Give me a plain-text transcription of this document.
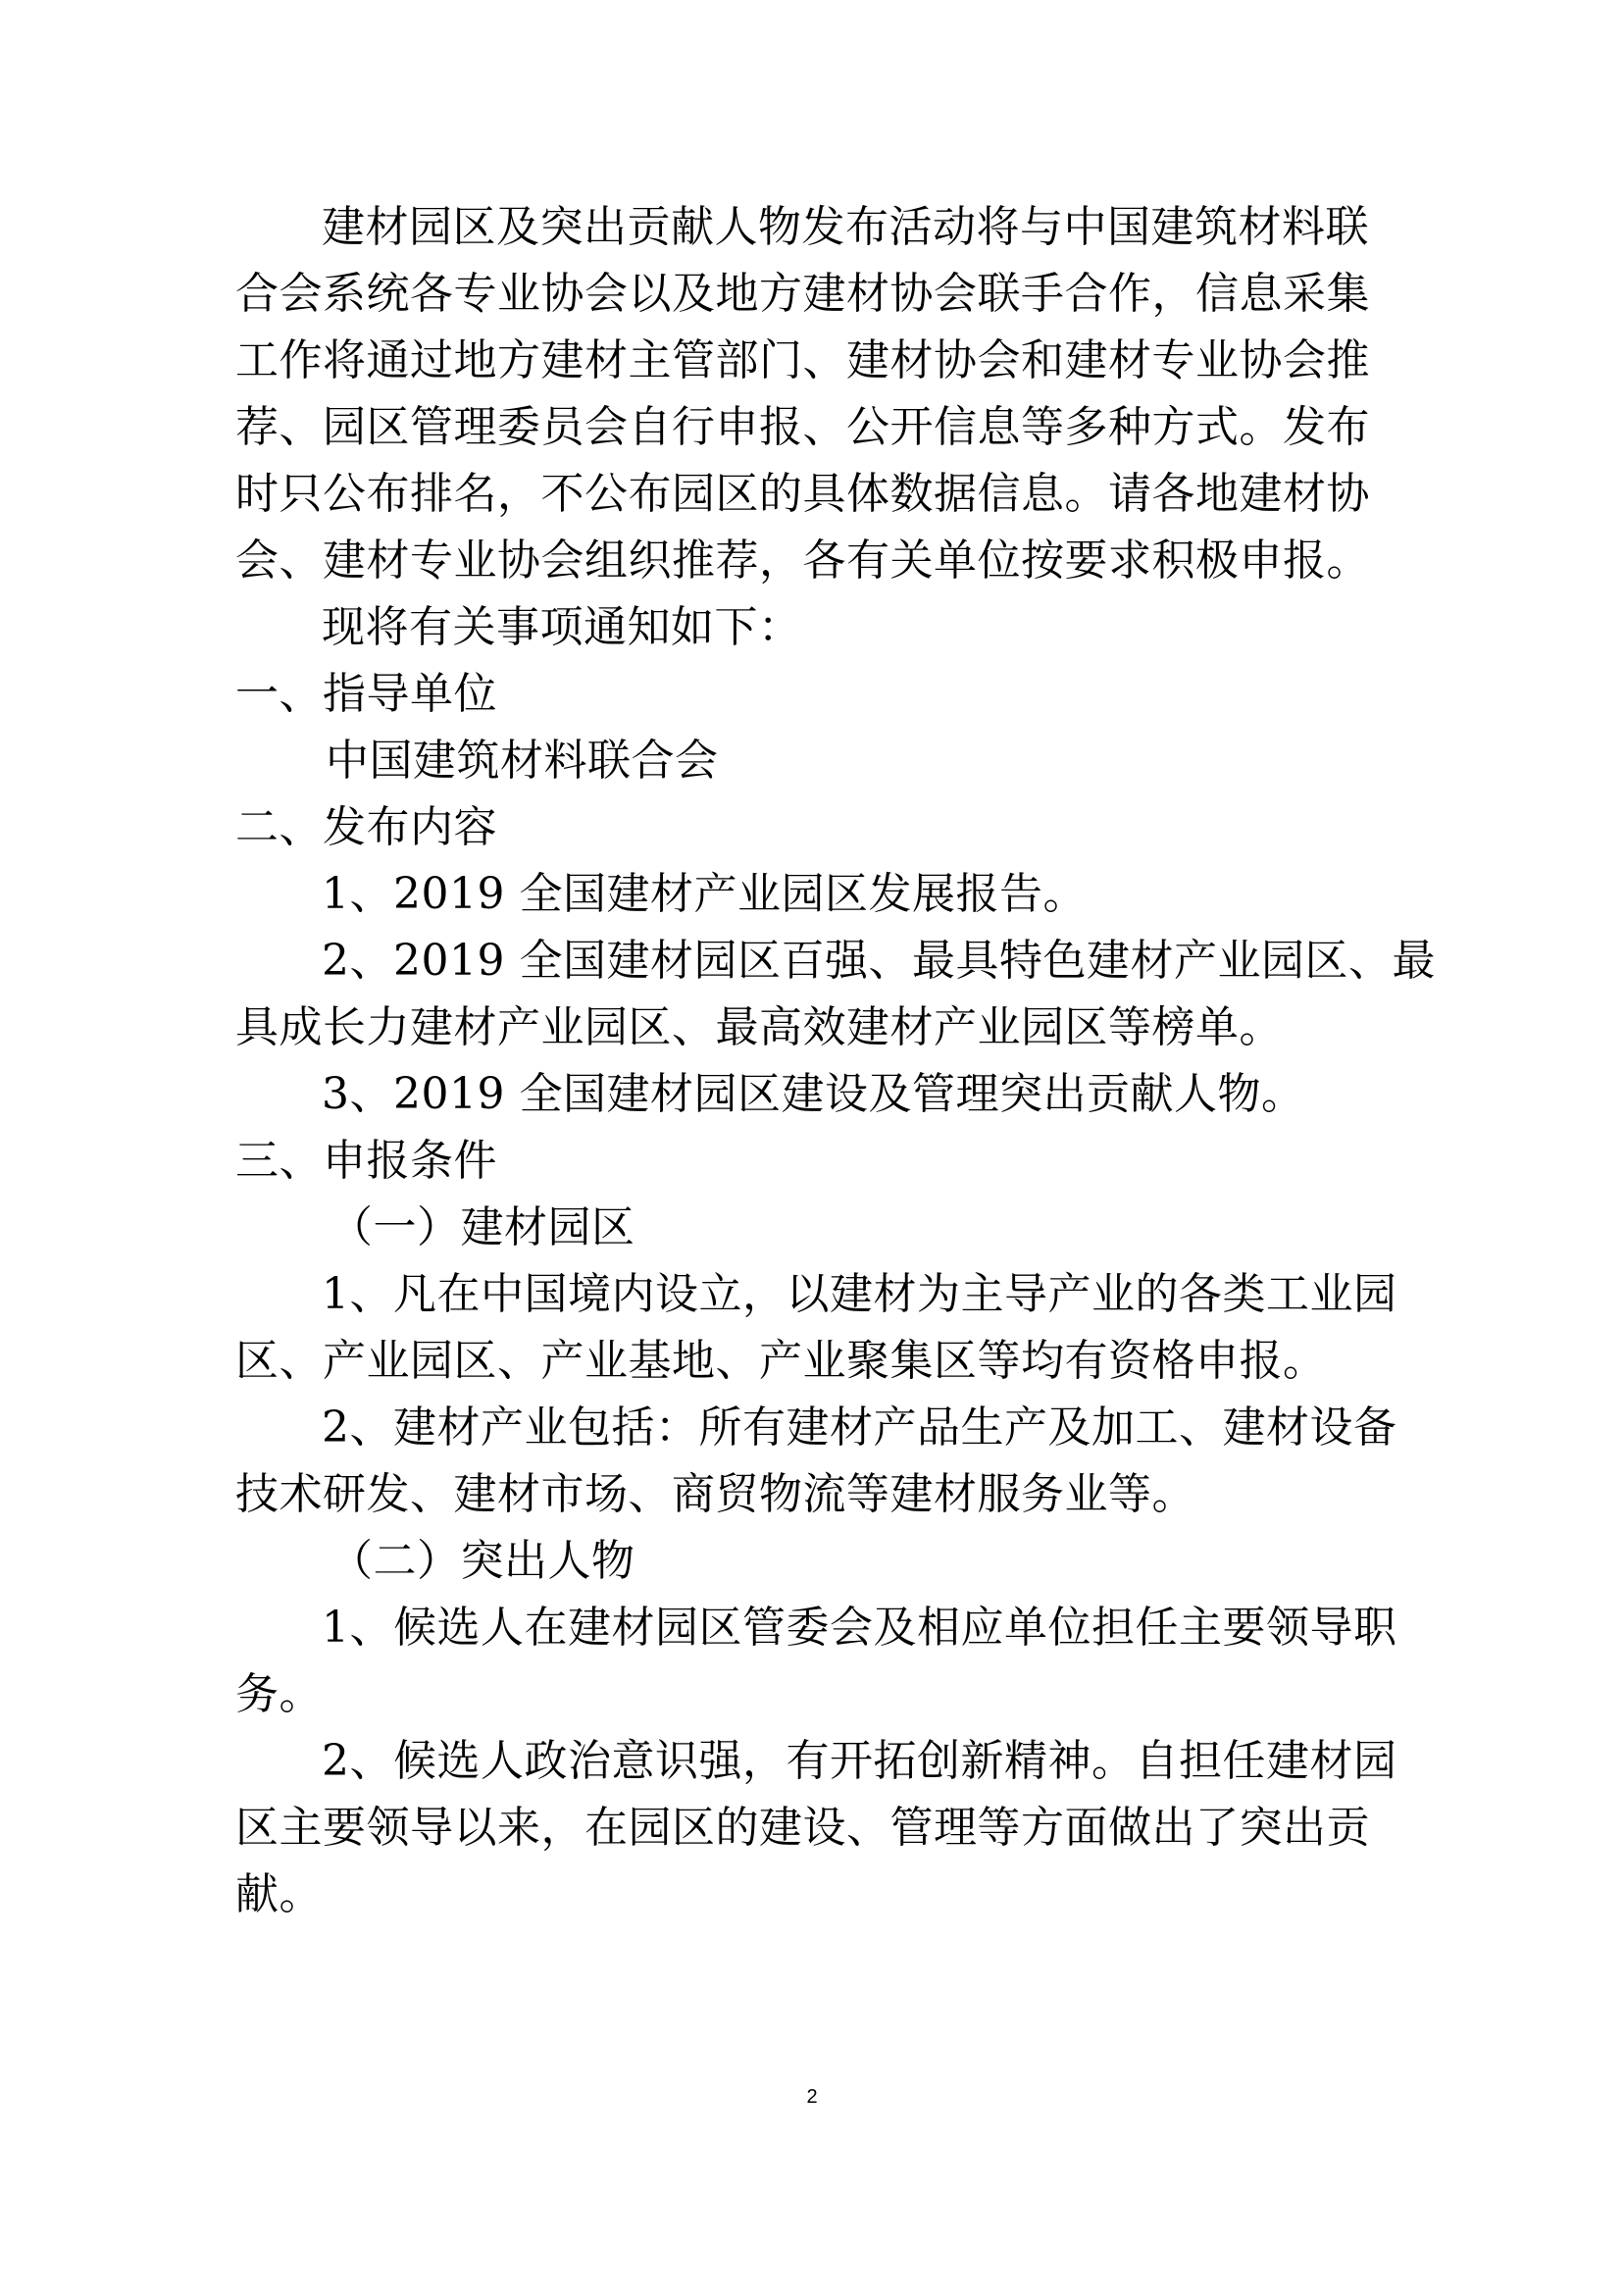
建材园区及突出贡献人物发布活动将与中国建筑材料联
合会系统各专业协会以及地方建材协会联手合作，信息采集
工作将通过地方建材主管部门、建材协会和建材专业协会推
荐、园区管理委员会自行申报、公开信息等多种方式。发布
时只公布排名，不公布园区的具体数据信息。请各地建材协
会、建材专业协会组织推荐，各有关单位按要求积极申报。
现将有关事项通知如下：
一、指导单位
中国建筑材料联合会
二、发布内容
1、2019 全国建材产业园区发展报告。
2、2019 全国建材园区百强、最具特色建材产业园区、最
具成长力建材产业园区、最高效建材产业园区等榜单。
3、2019 全国建材园区建设及管理突出贡献人物。
三、申报条件
（一）建材园区
1、凡在中国境内设立，以建材为主导产业的各类工业园
区、产业园区、产业基地、产业聚集区等均有资格申报。
2、建材产业包括：所有建材产品生产及加工、建材设备
技术研发、建材市场、商贸物流等建材服务业等。
（二）突出人物
1、候选人在建材园区管委会及相应单位担任主要领导职
务。
2、候选人政治意识强，有开拓创新精神。自担任建材园
区主要领导以来，在园区的建设、管理等方面做出了突出贡
献。
2
